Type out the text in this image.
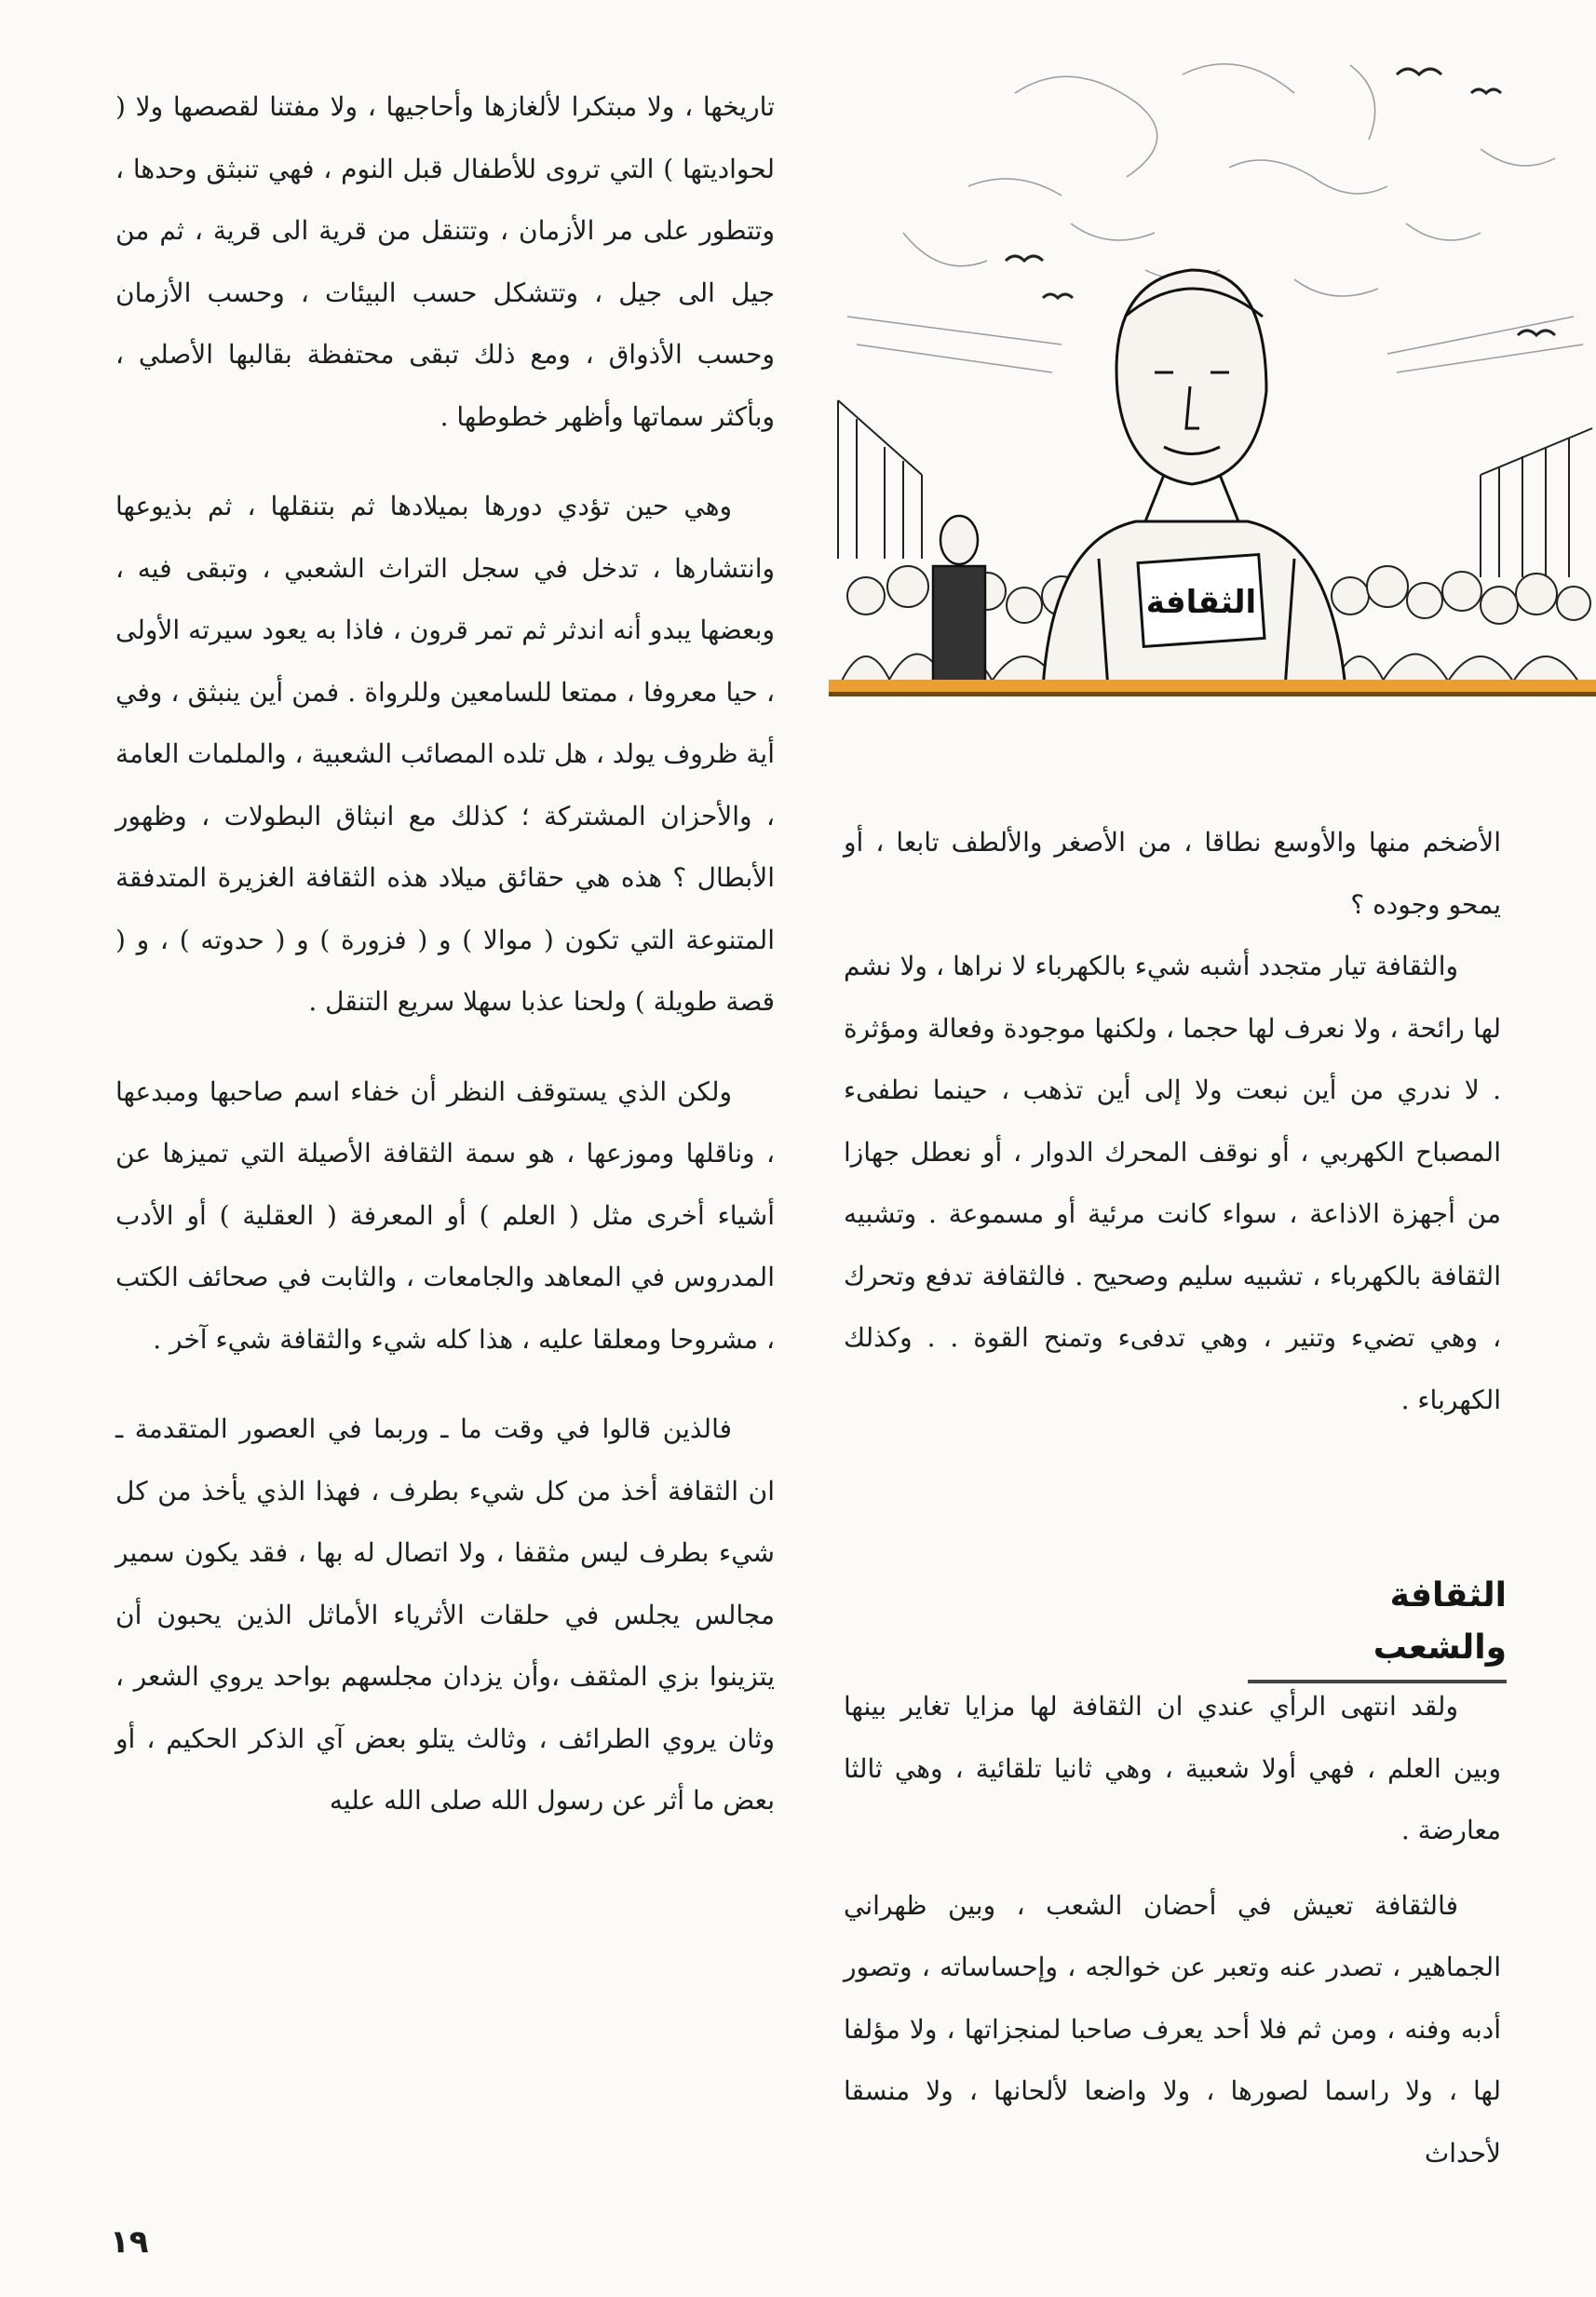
الثقافة

تاريخها ، ولا مبتكرا لألغازها وأحاجيها ، ولا مفتنا لقصصها ولا ( لحواديتها ) التي تروى للأطفال قبل النوم ، فهي تنبثق وحدها ، وتتطور على مر الأزمان ، وتتنقل من قرية الى قرية ، ثم من جيل الى جيل ، وتتشكل حسب البيئات ، وحسب الأزمان وحسب الأذواق ، ومع ذلك تبقى محتفظة بقالبها الأصلي ، وبأكثر سماتها وأظهر خطوطها .

وهي حين تؤدي دورها بميلادها ثم بتنقلها ، ثم بذيوعها وانتشارها ، تدخل في سجل التراث الشعبي ، وتبقى فيه ، وبعضها يبدو أنه اندثر ثم تمر قرون ، فاذا به يعود سيرته الأولى ، حيا معروفا ، ممتعا للسامعين وللرواة . فمن أين ينبثق ، وفي أية ظروف يولد ، هل تلده المصائب الشعبية ، والملمات العامة ، والأحزان المشتركة ؛ كذلك مع انبثاق البطولات ، وظهور الأبطال ؟ هذه هي حقائق ميلاد هذه الثقافة الغزيرة المتدفقة المتنوعة التي تكون ( موالا ) و ( فزورة ) و ( حدوته ) ، و ( قصة طويلة ) ولحنا عذبا سهلا سريع التنقل .

ولكن الذي يستوقف النظر أن خفاء اسم صاحبها ومبدعها ، وناقلها وموزعها ، هو سمة الثقافة الأصيلة التي تميزها عن أشياء أخرى مثل ( العلم ) أو المعرفة ( العقلية ) أو الأدب المدروس في المعاهد والجامعات ، والثابت في صحائف الكتب ، مشروحا ومعلقا عليه ، هذا كله شيء والثقافة شيء آخر .

فالذين قالوا في وقت ما ـ وربما في العصور المتقدمة ـ ان الثقافة أخذ من كل شيء بطرف ، فهذا الذي يأخذ من كل شيء بطرف ليس مثقفا ، ولا اتصال له بها ، فقد يكون سمير مجالس يجلس في حلقات الأثرياء الأماثل الذين يحبون أن يتزينوا بزي المثقف ،وأن يزدان مجلسهم بواحد يروي الشعر ، وثان يروي الطرائف ، وثالث يتلو بعض آي الذكر الحكيم ، أو بعض ما أثر عن رسول الله صلى الله عليه

الأضخم منها والأوسع نطاقا ، من الأصغر والألطف تابعا ، أو يمحو وجوده ؟

والثقافة تيار متجدد أشبه شيء بالكهرباء لا نراها ، ولا نشم لها رائحة ، ولا نعرف لها حجما ، ولكنها موجودة وفعالة ومؤثرة . لا ندري من أين نبعت ولا إلى أين تذهب ، حينما نطفىء المصباح الكهربي ، أو نوقف المحرك الدوار ، أو نعطل جهازا من أجهزة الاذاعة ، سواء كانت مرئية أو مسموعة . وتشبيه الثقافة بالكهرباء ، تشبيه سليم وصحيح . فالثقافة تدفع وتحرك ، وهي تضيء وتنير ، وهي تدفىء وتمنح القوة . . وكذلك الكهرباء .

الثقافة والشعب

ولقد انتهى الرأي عندي ان الثقافة لها مزايا تغاير بينها وبين العلم ، فهي أولا شعبية ، وهي ثانيا تلقائية ، وهي ثالثا معارضة .

فالثقافة تعيش في أحضان الشعب ، وبين ظهراني الجماهير ، تصدر عنه وتعبر عن خوالجه ، وإحساساته ، وتصور أدبه وفنه ، ومن ثم فلا أحد يعرف صاحبا لمنجزاتها ، ولا مؤلفا لها ، ولا راسما لصورها ، ولا واضعا لألحانها ، ولا منسقا لأحداث

١٩
